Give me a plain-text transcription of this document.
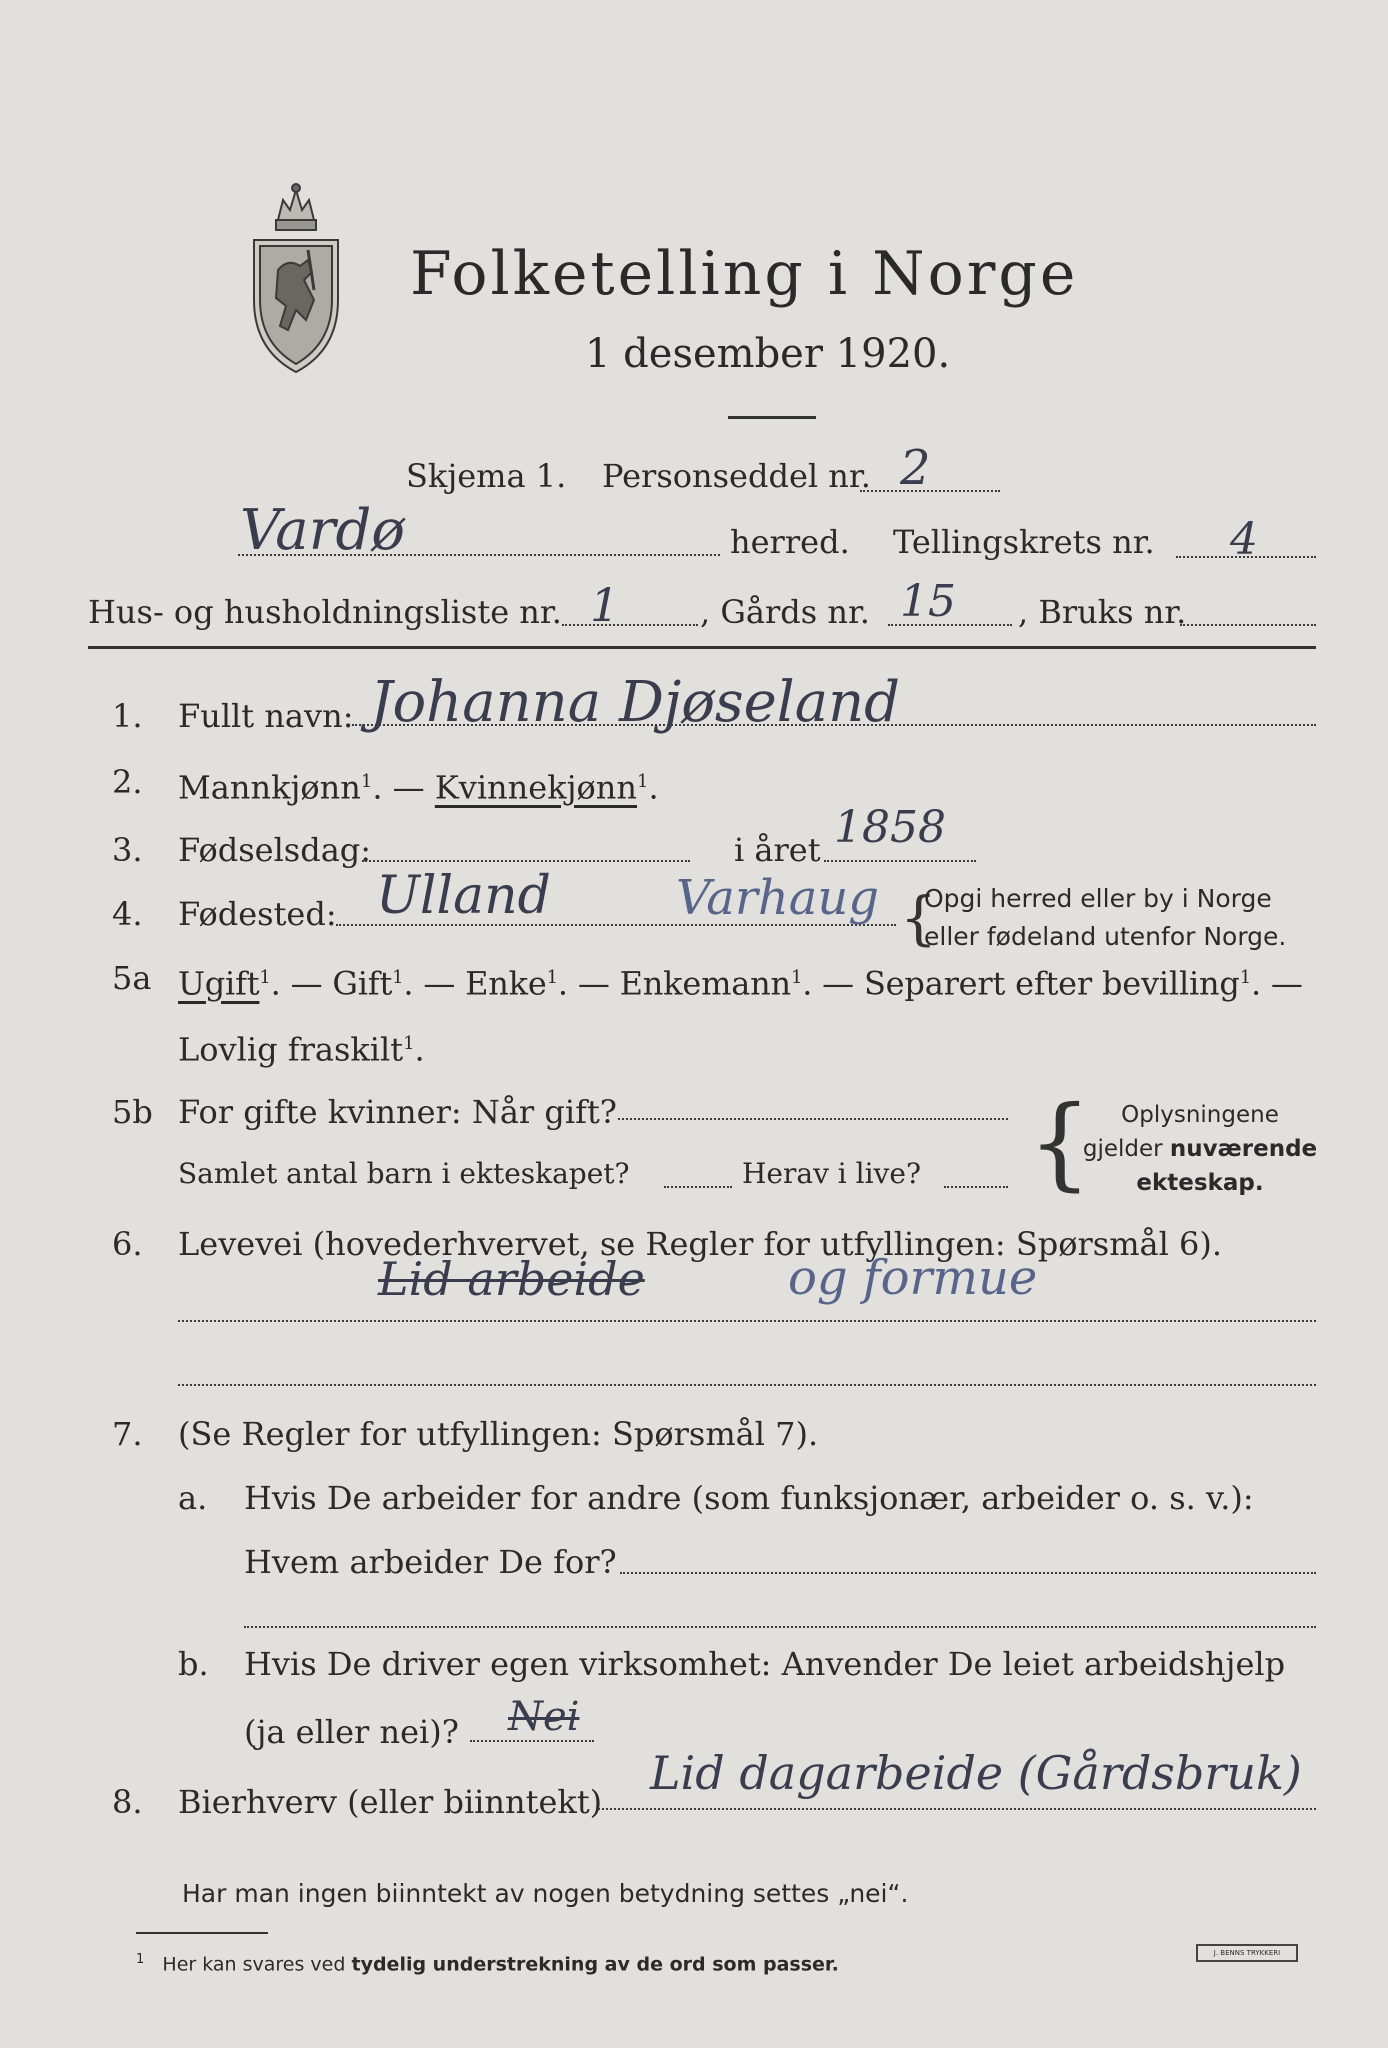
Folketelling i Norge
1 desember 1920.
Skjema 1. Personseddel nr. 2
Vardø	herred. Tellingskrets nr. 4
Hus- og husholdningsliste nr. 1	, Gårds nr. 15 , Bruks nr.
1. Fullt navn: Johanna Djøseland
2. Mannkjønn$^1$. — Kvinnekjønn$^1$.
3. Fødselsdag:	i året 1858
4. Fødested: Ulland	Varhaug {
Opgi herred eller by i Norge
eller fødeland utenfor Norge.
5a Ugift$^1$. — Gift$^1$. — Enke$^1$. — Enkemann$^1$. — Separert efter bevilling$^1$. —
Lovlig fraskilt$^1$.
5b For gifte kvinner: Når gift?
Samlet antal barn i ekteskapet?	Herav i live? {	Oplysningene
gjelder nuværende
ekteskap.
6. Levevei (hovederhvervet, se Regler for utfyllingen: Spørsmål 6).
Lid arbeide	og formue
7. (Se Regler for utfyllingen: Spørsmål 7).
a. Hvis De arbeider for andre (som funksjonær, arbeider o. s. v.):
Hvem arbeider De for?
b. Hvis De driver egen virksomhet: Anvender De leiet arbeidshjelp
(ja eller nei)? Nei
8. Bierhverv (eller biinntekt)
Lid dagarbeide (Gårdsbruk)
Har man ingen biinntekt av nogen betydning settes „nei“.
$^1$ Her kan svares ved tydelig understrekning av de ord som passer.
J. BENNS TRYKKERI
